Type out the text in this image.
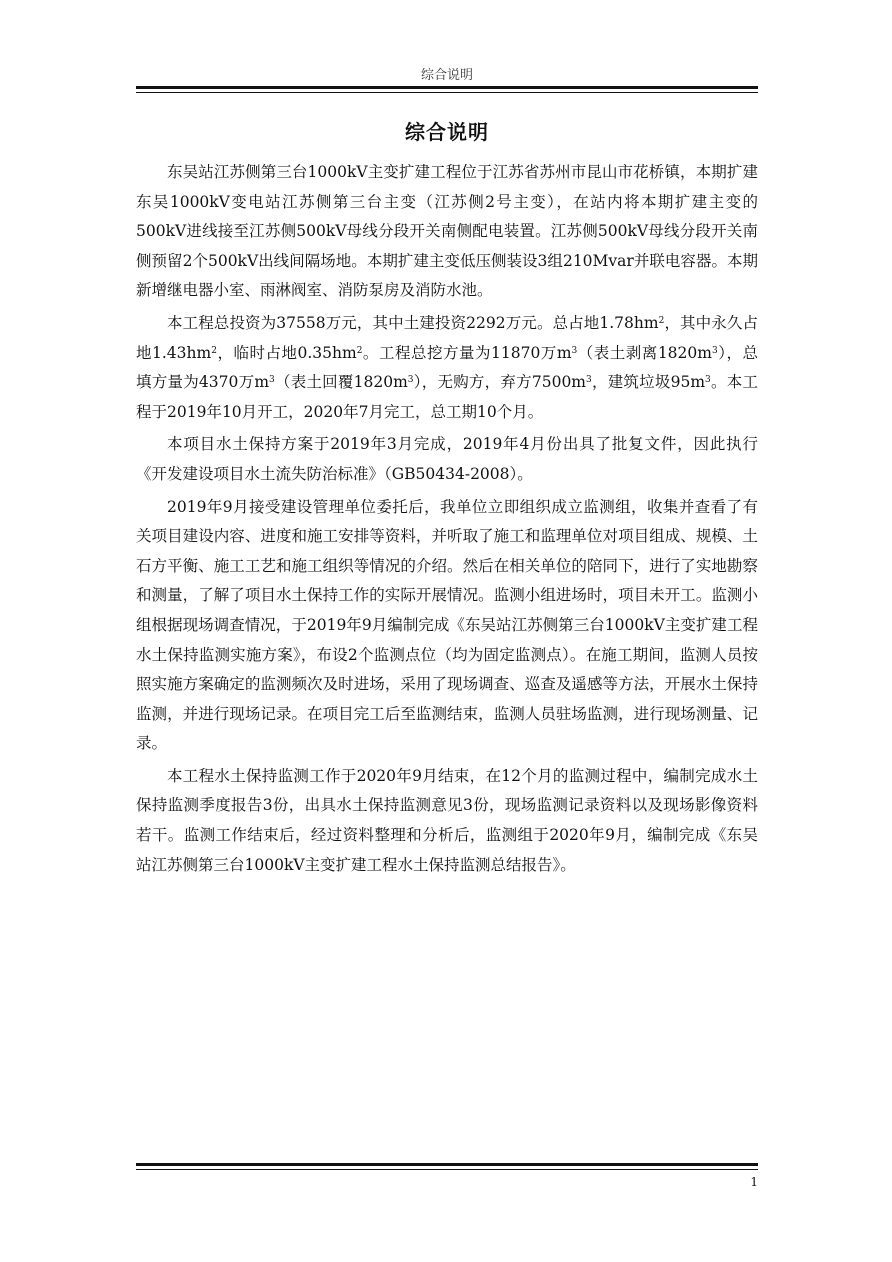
综合说明
综合说明

东吴站江苏侧第三台1000kV主变扩建工程位于江苏省苏州市昆山市花桥镇，本期扩建东吴1000kV变电站江苏侧第三台主变（江苏侧2号主变），在站内将本期扩建主变的500kV进线接至江苏侧500kV母线分段开关南侧配电装置。江苏侧500kV母线分段开关南侧预留2个500kV出线间隔场地。本期扩建主变低压侧装设3组210Mvar并联电容器。本期新增继电器小室、雨淋阀室、消防泵房及消防水池。

本工程总投资为37558万元，其中土建投资2292万元。总占地$1.78hm^2$，其中永久占地$1.43hm^2$，临时占地$0.35hm^2$。工程总挖方量为11870万$m^3$（表土剥离$1820m^3$），总填方量为4370万$m^3$（表土回覆$1820m^3$），无购方，弃方$7500m^3$，建筑垃圾$95m^3$。本工程于2019年10月开工，2020年7月完工，总工期10个月。

本项目水土保持方案于2019年3月完成，2019年4月份出具了批复文件，因此执行《开发建设项目水土流失防治标准》（GB50434-2008）。

2019年9月接受建设管理单位委托后，我单位立即组织成立监测组，收集并查看了有关项目建设内容、进度和施工安排等资料，并听取了施工和监理单位对项目组成、规模、土石方平衡、施工工艺和施工组织等情况的介绍。然后在相关单位的陪同下，进行了实地勘察和测量，了解了项目水土保持工作的实际开展情况。监测小组进场时，项目未开工。监测小组根据现场调查情况，于2019年9月编制完成《东吴站江苏侧第三台1000kV主变扩建工程水土保持监测实施方案》，布设2个监测点位（均为固定监测点）。在施工期间，监测人员按照实施方案确定的监测频次及时进场，采用了现场调查、巡查及遥感等方法，开展水土保持监测，并进行现场记录。在项目完工后至监测结束，监测人员驻场监测，进行现场测量、记录。

本工程水土保持监测工作于2020年9月结束，在12个月的监测过程中，编制完成水土保持监测季度报告3份，出具水土保持监测意见3份，现场监测记录资料以及现场影像资料若干。监测工作结束后，经过资料整理和分析后，监测组于2020年9月，编制完成《东吴站江苏侧第三台1000kV主变扩建工程水土保持监测总结报告》。

1
